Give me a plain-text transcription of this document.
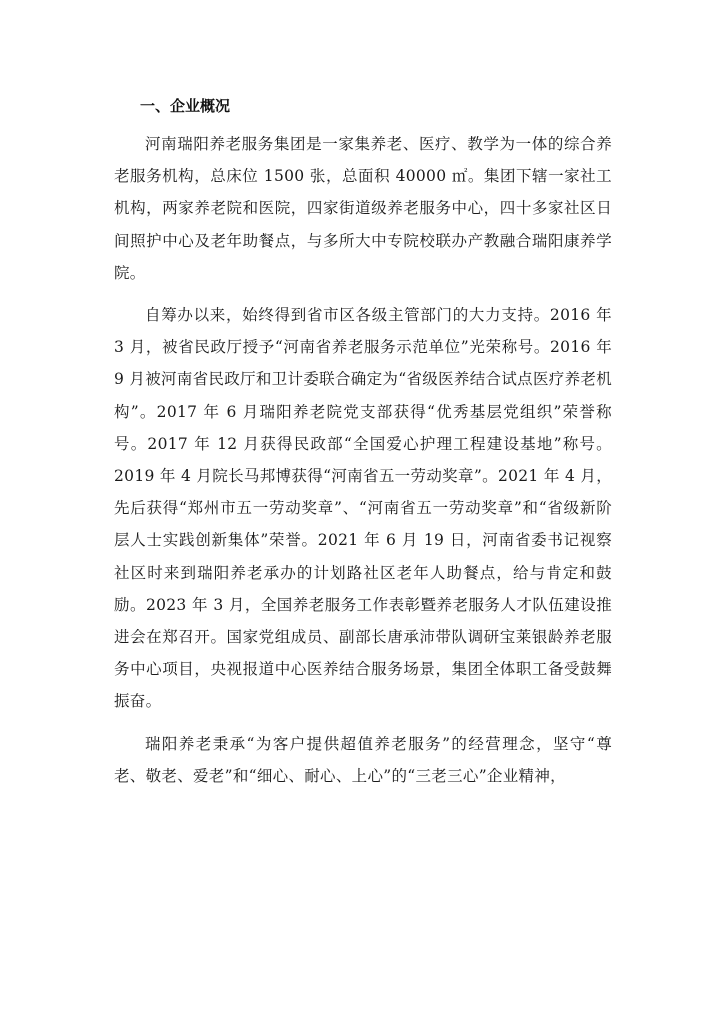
一、企业概况

河南瑞阳养老服务集团是一家集养老、医疗、教学为一体的综合养老服务机构，总床位 1500 张，总面积 40000 ㎡。集团下辖一家社工机构，两家养老院和医院，四家街道级养老服务中心，四十多家社区日间照护中心及老年助餐点，与多所大中专院校联办产教融合瑞阳康养学院。

自筹办以来，始终得到省市区各级主管部门的大力支持。2016 年 3 月，被省民政厅授予“河南省养老服务示范单位”光荣称号。2016 年 9 月被河南省民政厅和卫计委联合确定为“省级医养结合试点医疗养老机构”。2017 年 6 月瑞阳养老院党支部获得“优秀基层党组织”荣誉称号。2017 年 12 月获得民政部“全国爱心护理工程建设基地”称号。2019 年 4 月院长马邦博获得“河南省五一劳动奖章”。2021 年 4 月，先后获得“郑州市五一劳动奖章”、“河南省五一劳动奖章”和“省级新阶层人士实践创新集体”荣誉。2021 年 6 月 19 日，河南省委书记视察社区时来到瑞阳养老承办的计划路社区老年人助餐点，给与肯定和鼓励。2023 年 3 月，全国养老服务工作表彰暨养老服务人才队伍建设推进会在郑召开。国家党组成员、副部长唐承沛带队调研宝莱银龄养老服务中心项目，央视报道中心医养结合服务场景，集团全体职工备受鼓舞振奋。

瑞阳养老秉承“为客户提供超值养老服务”的经营理念，坚守“尊老、敬老、爱老”和“细心、耐心、上心”的“三老三心”企业精神，
